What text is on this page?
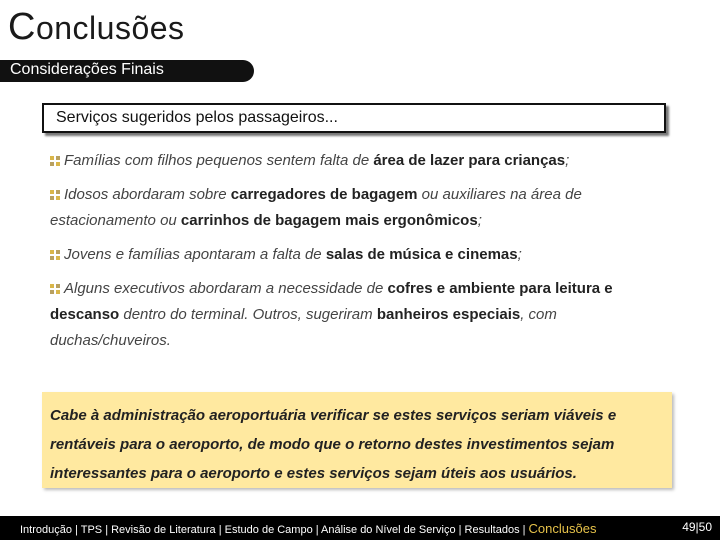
Conclusões
Considerações Finais
Serviços sugeridos pelos passageiros...
Famílias com filhos pequenos sentem falta de área de lazer para crianças;
Idosos abordaram sobre carregadores de bagagem ou auxiliares na área de estacionamento ou carrinhos de bagagem mais ergonômicos;
Jovens e famílias apontaram a falta de salas de música e cinemas;
Alguns executivos abordaram a necessidade de cofres e ambiente para leitura e descanso dentro do terminal. Outros, sugeriram banheiros especiais, com duchas/chuveiros.
Cabe à administração aeroportuária verificar se estes serviços seriam viáveis e rentáveis para o aeroporto, de modo que o retorno destes investimentos sejam interessantes para o aeroporto e estes serviços sejam úteis aos usuários.
Introdução | TPS | Revisão de Literatura | Estudo de Campo | Análise do Nível de Serviço | Resultados | Conclusões	49|50
